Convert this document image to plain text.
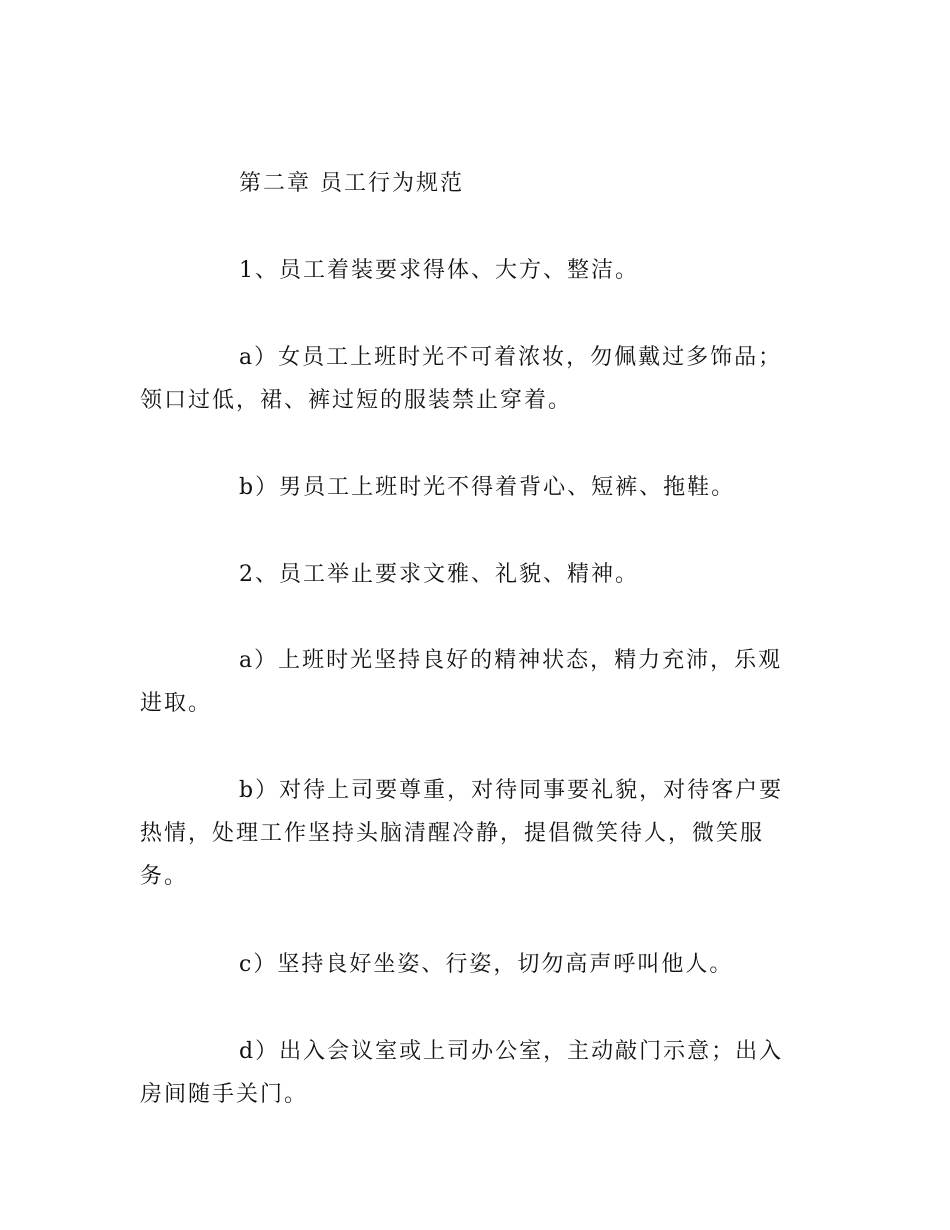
第二章 员工行为规范

1、员工着装要求得体、大方、整洁。

a）女员工上班时光不可着浓妆，勿佩戴过多饰品；领口过低，裙、裤过短的服装禁止穿着。

b）男员工上班时光不得着背心、短裤、拖鞋。

2、员工举止要求文雅、礼貌、精神。

a）上班时光坚持良好的精神状态，精力充沛，乐观进取。

b）对待上司要尊重，对待同事要礼貌，对待客户要热情，处理工作坚持头脑清醒冷静，提倡微笑待人，微笑服务。

c）坚持良好坐姿、行姿，切勿高声呼叫他人。

d）出入会议室或上司办公室，主动敲门示意；出入房间随手关门。
